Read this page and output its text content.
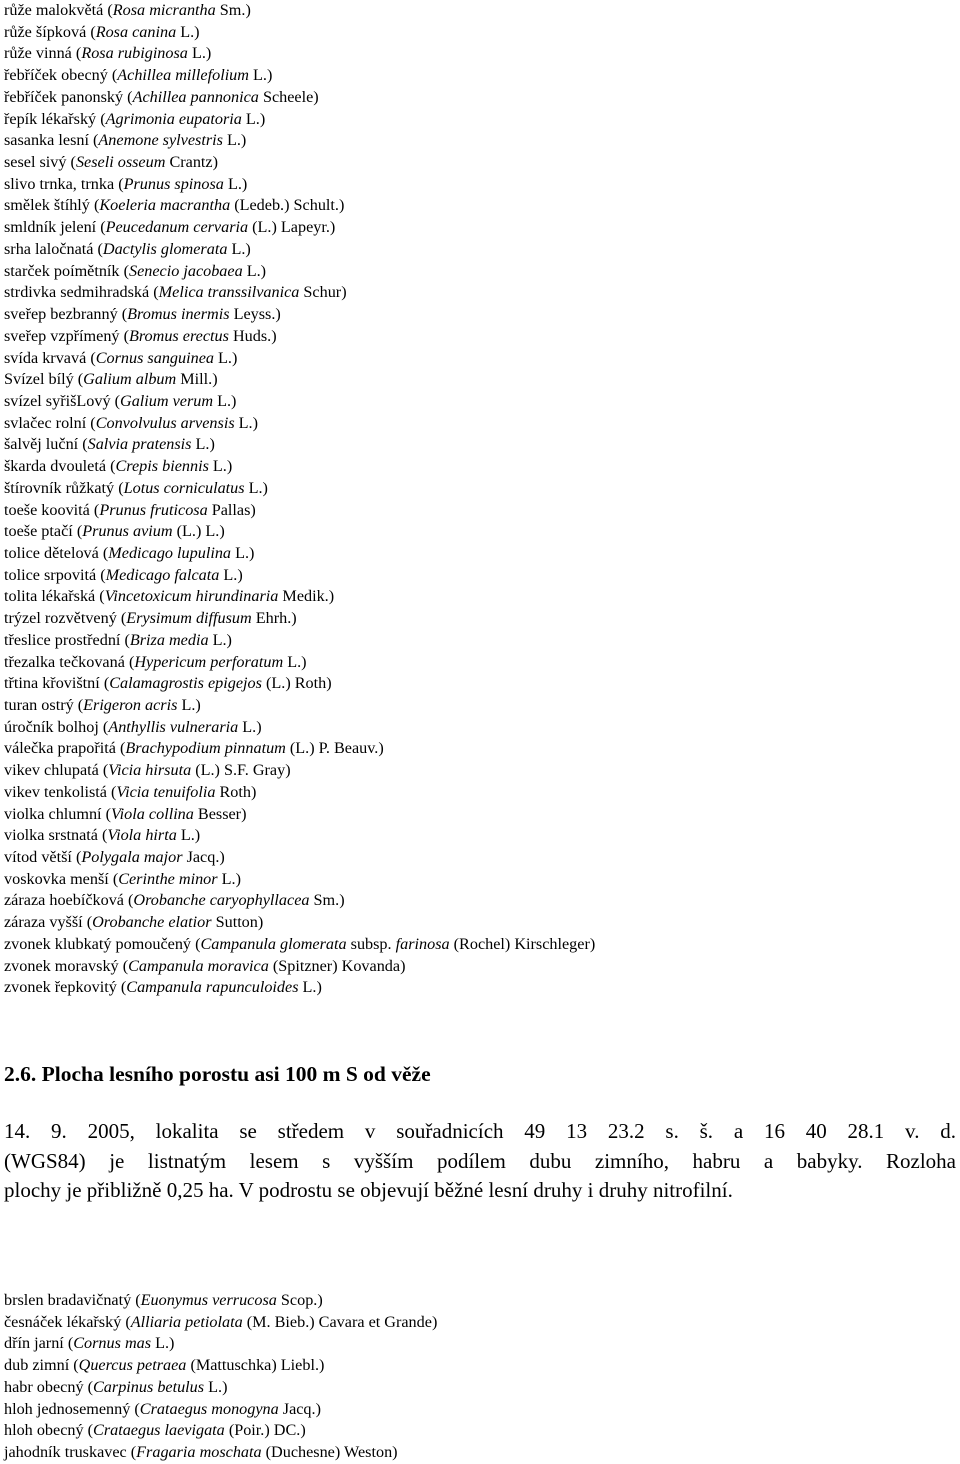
růže malokvětá (Rosa micrantha Sm.)
růže šípková (Rosa canina L.)
růže vinná (Rosa rubiginosa L.)
řebříček obecný (Achillea millefolium L.)
řebříček panonský (Achillea pannonica Scheele)
řepík lékařský (Agrimonia eupatoria L.)
sasanka lesní (Anemone sylvestris L.)
sesel sivý (Seseli osseum Crantz)
slivo trnka, trnka (Prunus spinosa L.)
smělek štíhlý (Koeleria macrantha (Ledeb.) Schult.)
smldník jelení (Peucedanum cervaria (L.) Lapeyr.)
srha laločnatá (Dactylis glomerata L.)
starček poímětník (Senecio jacobaea L.)
strdivka sedmihradská (Melica transsilvanica Schur)
sveřep bezbranný (Bromus inermis Leyss.)
sveřep vzpřímený (Bromus erectus Huds.)
svída krvavá (Cornus sanguinea L.)
Svízel bílý (Galium album Mill.)
svízel syřišLový (Galium verum L.)
svlačec rolní (Convolvulus arvensis L.)
šalvěj luční (Salvia pratensis L.)
škarda dvouletá (Crepis biennis L.)
štírovník růžkatý (Lotus corniculatus L.)
toeše koovitá (Prunus fruticosa Pallas)
toeše ptačí (Prunus avium (L.) L.)
tolice dětelová (Medicago lupulina L.)
tolice srpovitá (Medicago falcata L.)
tolita lékařská (Vincetoxicum hirundinaria Medik.)
trýzel rozvětvený (Erysimum diffusum Ehrh.)
třeslice prostřední (Briza media L.)
třezalka tečkovaná (Hypericum perforatum L.)
třtina křovištní (Calamagrostis epigejos (L.) Roth)
turan ostrý (Erigeron acris L.)
úročník bolhoj (Anthyllis vulneraria L.)
válečka prapořitá (Brachypodium pinnatum (L.) P. Beauv.)
vikev chlupatá (Vicia hirsuta (L.) S.F. Gray)
vikev tenkolistá (Vicia tenuifolia Roth)
violka chlumní (Viola collina Besser)
violka srstnatá (Viola hirta L.)
vítod větší (Polygala major Jacq.)
voskovka menší (Cerinthe minor L.)
záraza hoebíčková (Orobanche caryophyllacea Sm.)
záraza vyšší (Orobanche elatior Sutton)
zvonek klubkatý pomoučený (Campanula glomerata subsp. farinosa (Rochel) Kirschleger)
zvonek moravský (Campanula moravica (Spitzner) Kovanda)
zvonek řepkovitý (Campanula rapunculoides L.)
2.6. Plocha lesního porostu asi 100 m S od věže
14. 9. 2005, lokalita se středem v souřadnicích 49 13 23.2 s. š. a 16 40 28.1 v. d.
(WGS84) je listnatým lesem s vyšším podílem dubu zimního, habru a babyky. Rozloha
plochy je přibližně 0,25 ha. V podrostu se objevují běžné lesní druhy i druhy nitrofilní.
brslen bradavičnatý (Euonymus verrucosa Scop.)
česnáček lékařský (Alliaria petiolata (M. Bieb.) Cavara et Grande)
dřín jarní (Cornus mas L.)
dub zimní (Quercus petraea (Mattuschka) Liebl.)
habr obecný (Carpinus betulus L.)
hloh jednosemenný (Crataegus monogyna Jacq.)
hloh obecný (Crataegus laevigata (Poir.) DC.)
jahodník truskavec (Fragaria moschata (Duchesne) Weston)
